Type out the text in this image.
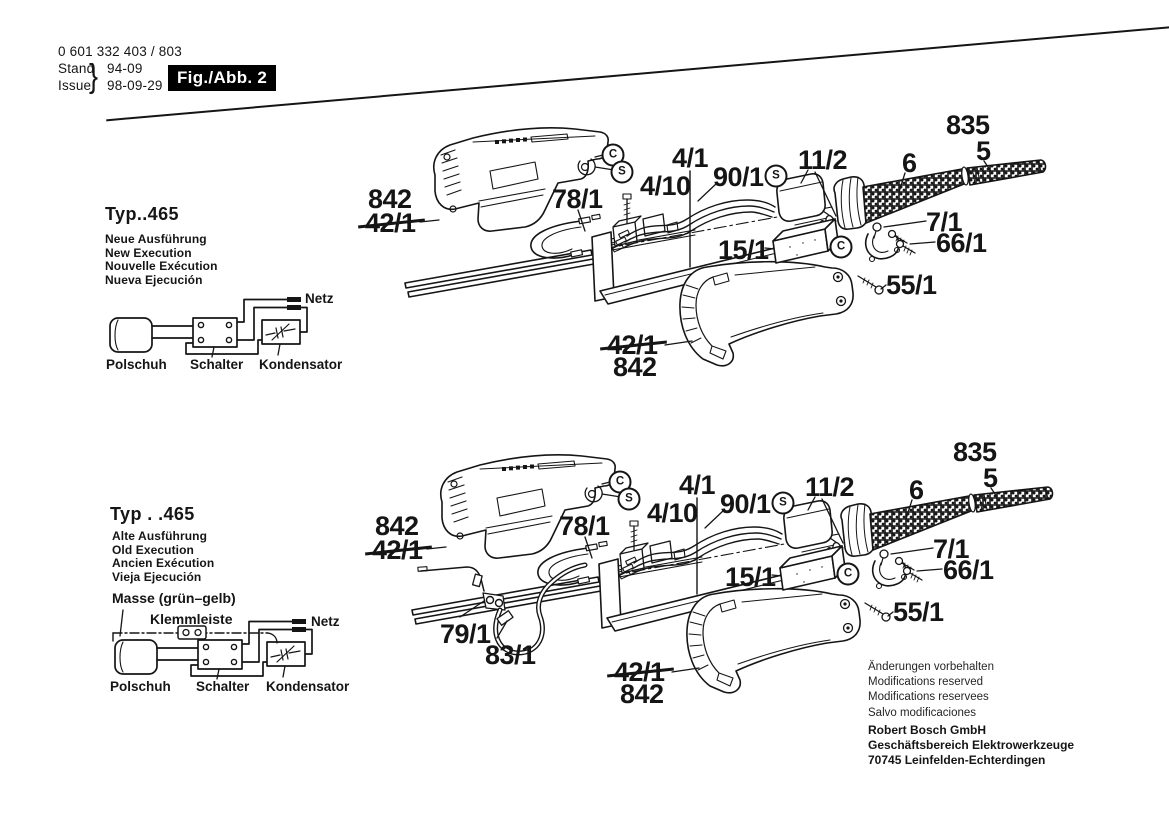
0 601 332 403 / 803
Stand
Issue
} 94-09
98-09-29 Fig./Abb. 2
Typ..465
Neue Ausführung
New Execution
Nouvelle Exécution
Nueva Ejecución
Netz
Polschuh Schalter Kondensator
Typ . .465
Alte Ausführung
Old Execution
Ancien Exécution
Vieja Ejecución
Masse (grün–gelb)
Klemmleiste	Netz
Polschuh Schalter Kondensator
835
5
842
42/1
78/1
4/1
4/10 90/1 S
11/2 6
7/1
66/1
15/1	C
55/1
42/1
842
C
S
835
5
842
42/1
78/1
4/1
4/10 90/1 S
11/2 6
7/1
66/1
15/1	C
55/1
42/1
842
C
S
79/1
83/1	Änderungen vorbehalten
Modifications reserved
Modifications reservees
Salvo modificaciones
Robert Bosch GmbH
Geschäftsbereich Elektrowerkzeuge
70745 Leinfelden-Echterdingen
